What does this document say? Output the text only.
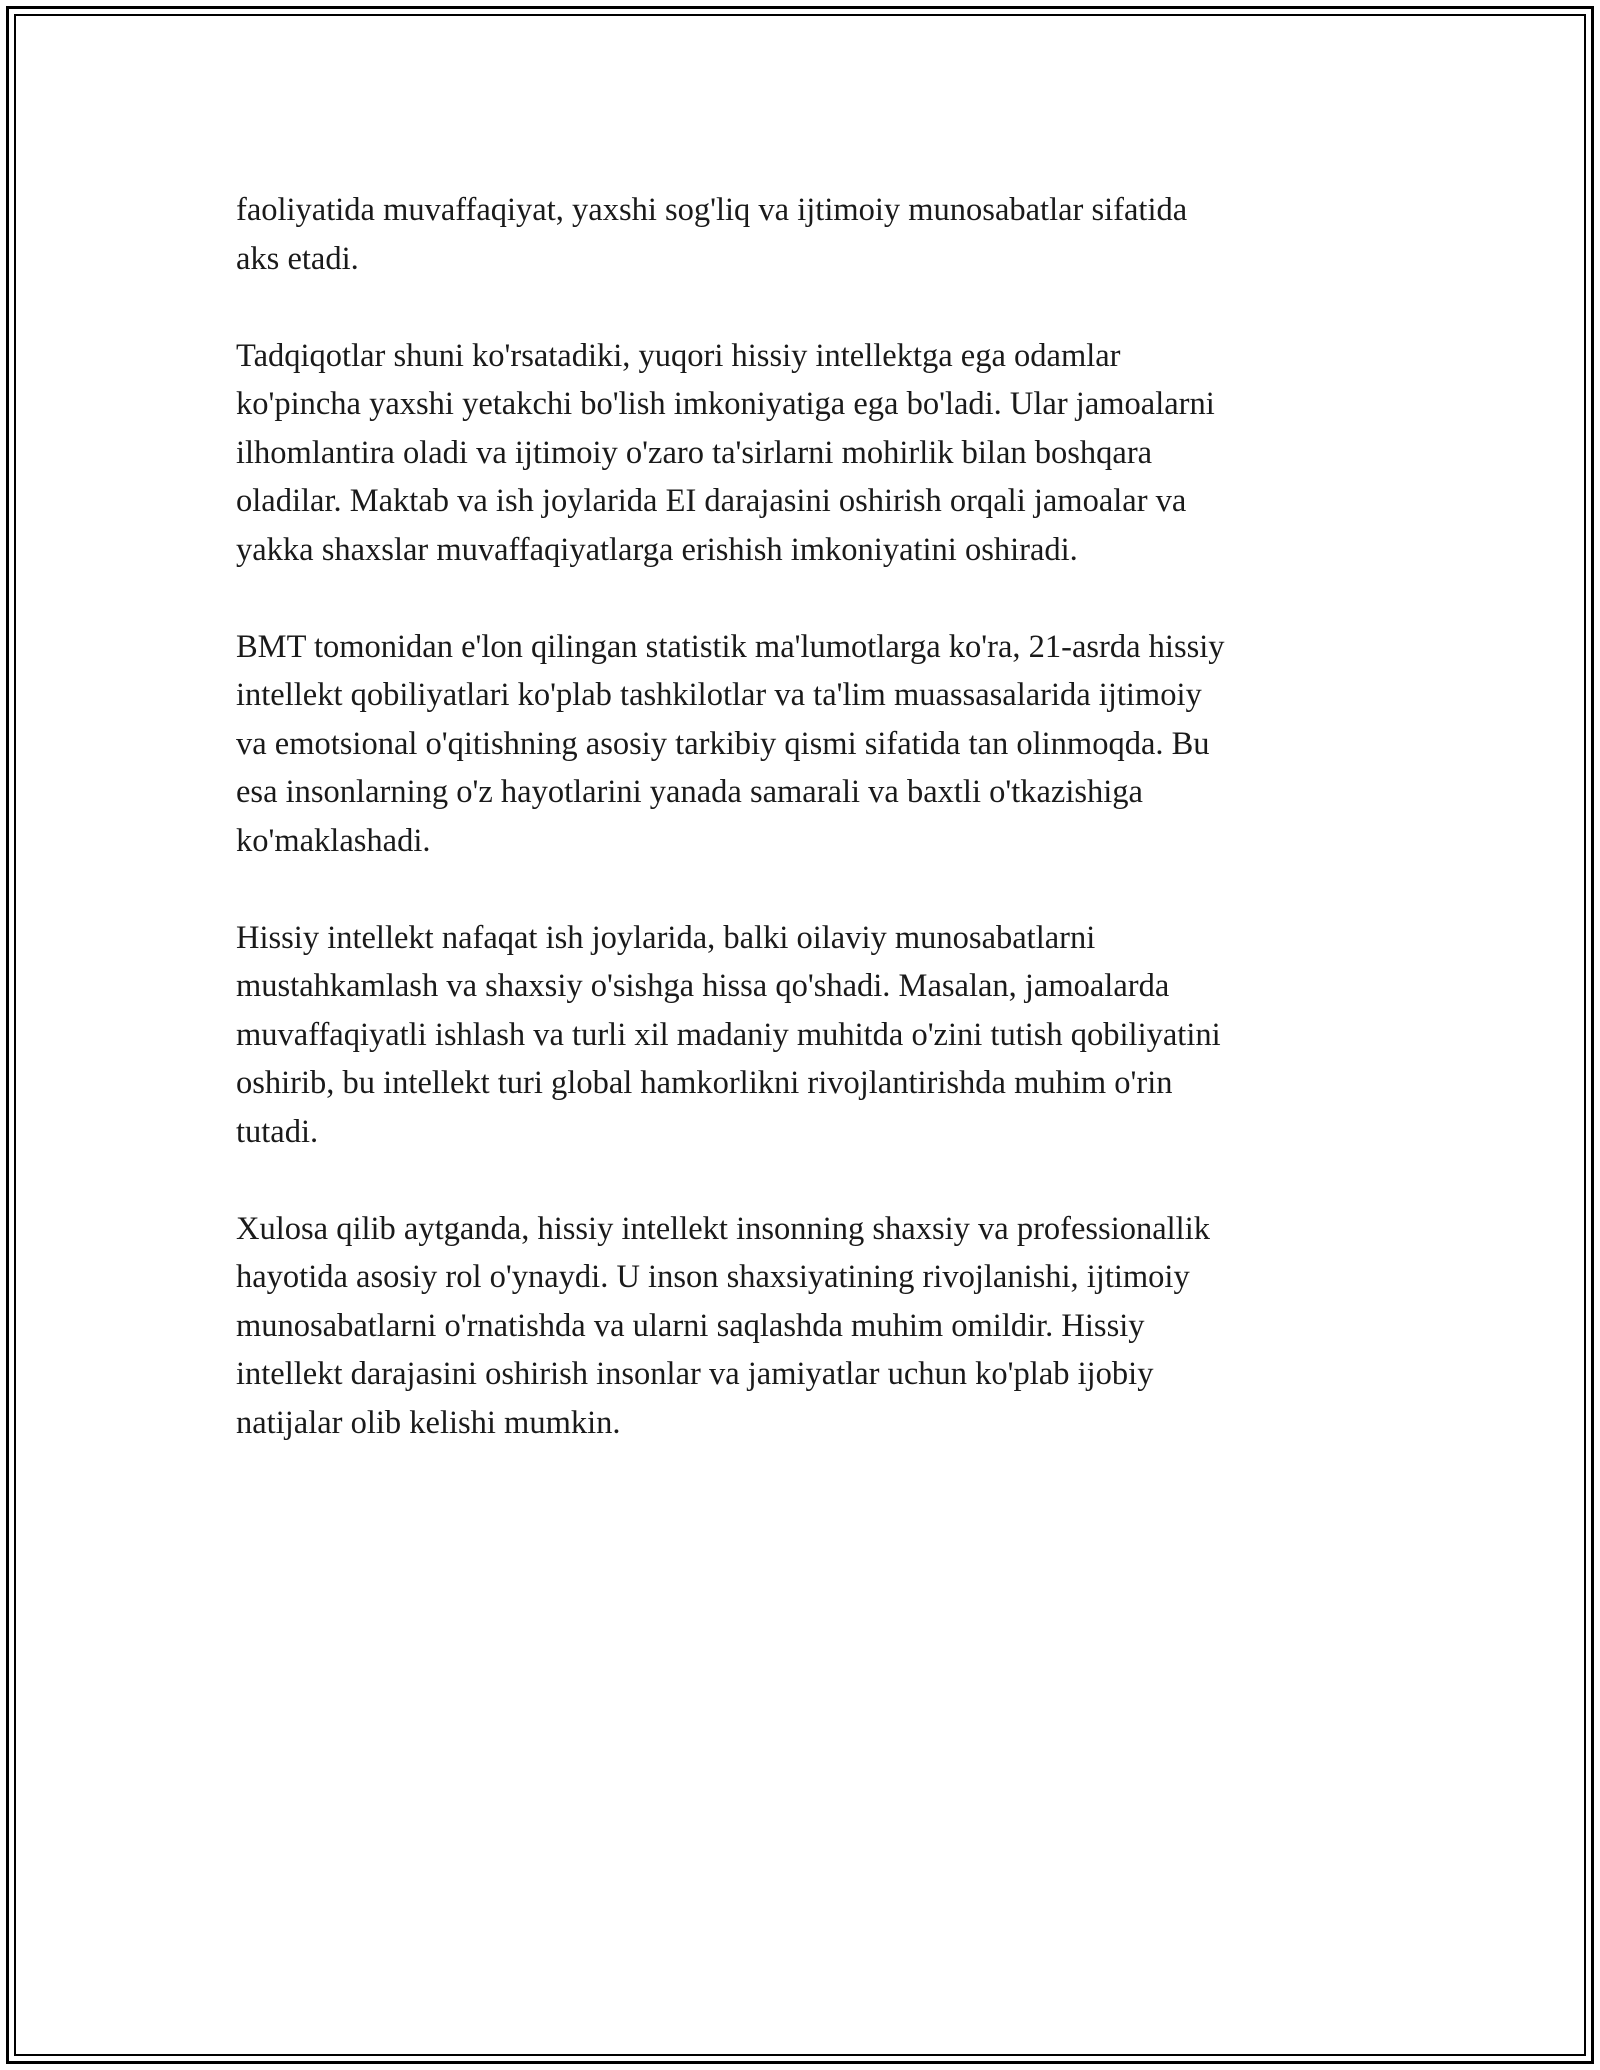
faoliyatida muvaffaqiyat, yaxshi sog'liq va ijtimoiy munosabatlar sifatida
aks etadi.

Tadqiqotlar shuni ko'rsatadiki, yuqori hissiy intellektga ega odamlar
ko'pincha yaxshi yetakchi bo'lish imkoniyatiga ega bo'ladi. Ular jamoalarni
ilhomlantira oladi va ijtimoiy o'zaro ta'sirlarni mohirlik bilan boshqara
oladilar. Maktab va ish joylarida EI darajasini oshirish orqali jamoalar va
yakka shaxslar muvaffaqiyatlarga erishish imkoniyatini oshiradi.

BMT tomonidan e'lon qilingan statistik ma'lumotlarga ko'ra, 21-asrda hissiy
intellekt qobiliyatlari ko'plab tashkilotlar va ta'lim muassasalarida ijtimoiy
va emotsional o'qitishning asosiy tarkibiy qismi sifatida tan olinmoqda. Bu
esa insonlarning o'z hayotlarini yanada samarali va baxtli o'tkazishiga
ko'maklashadi.

Hissiy intellekt nafaqat ish joylarida, balki oilaviy munosabatlarni
mustahkamlash va shaxsiy o'sishga hissa qo'shadi. Masalan, jamoalarda
muvaffaqiyatli ishlash va turli xil madaniy muhitda o'zini tutish qobiliyatini
oshirib, bu intellekt turi global hamkorlikni rivojlantirishda muhim o'rin
tutadi.

Xulosa qilib aytganda, hissiy intellekt insonning shaxsiy va professionallik
hayotida asosiy rol o'ynaydi. U inson shaxsiyatining rivojlanishi, ijtimoiy
munosabatlarni o'rnatishda va ularni saqlashda muhim omildir. Hissiy
intellekt darajasini oshirish insonlar va jamiyatlar uchun ko'plab ijobiy
natijalar olib kelishi mumkin.
